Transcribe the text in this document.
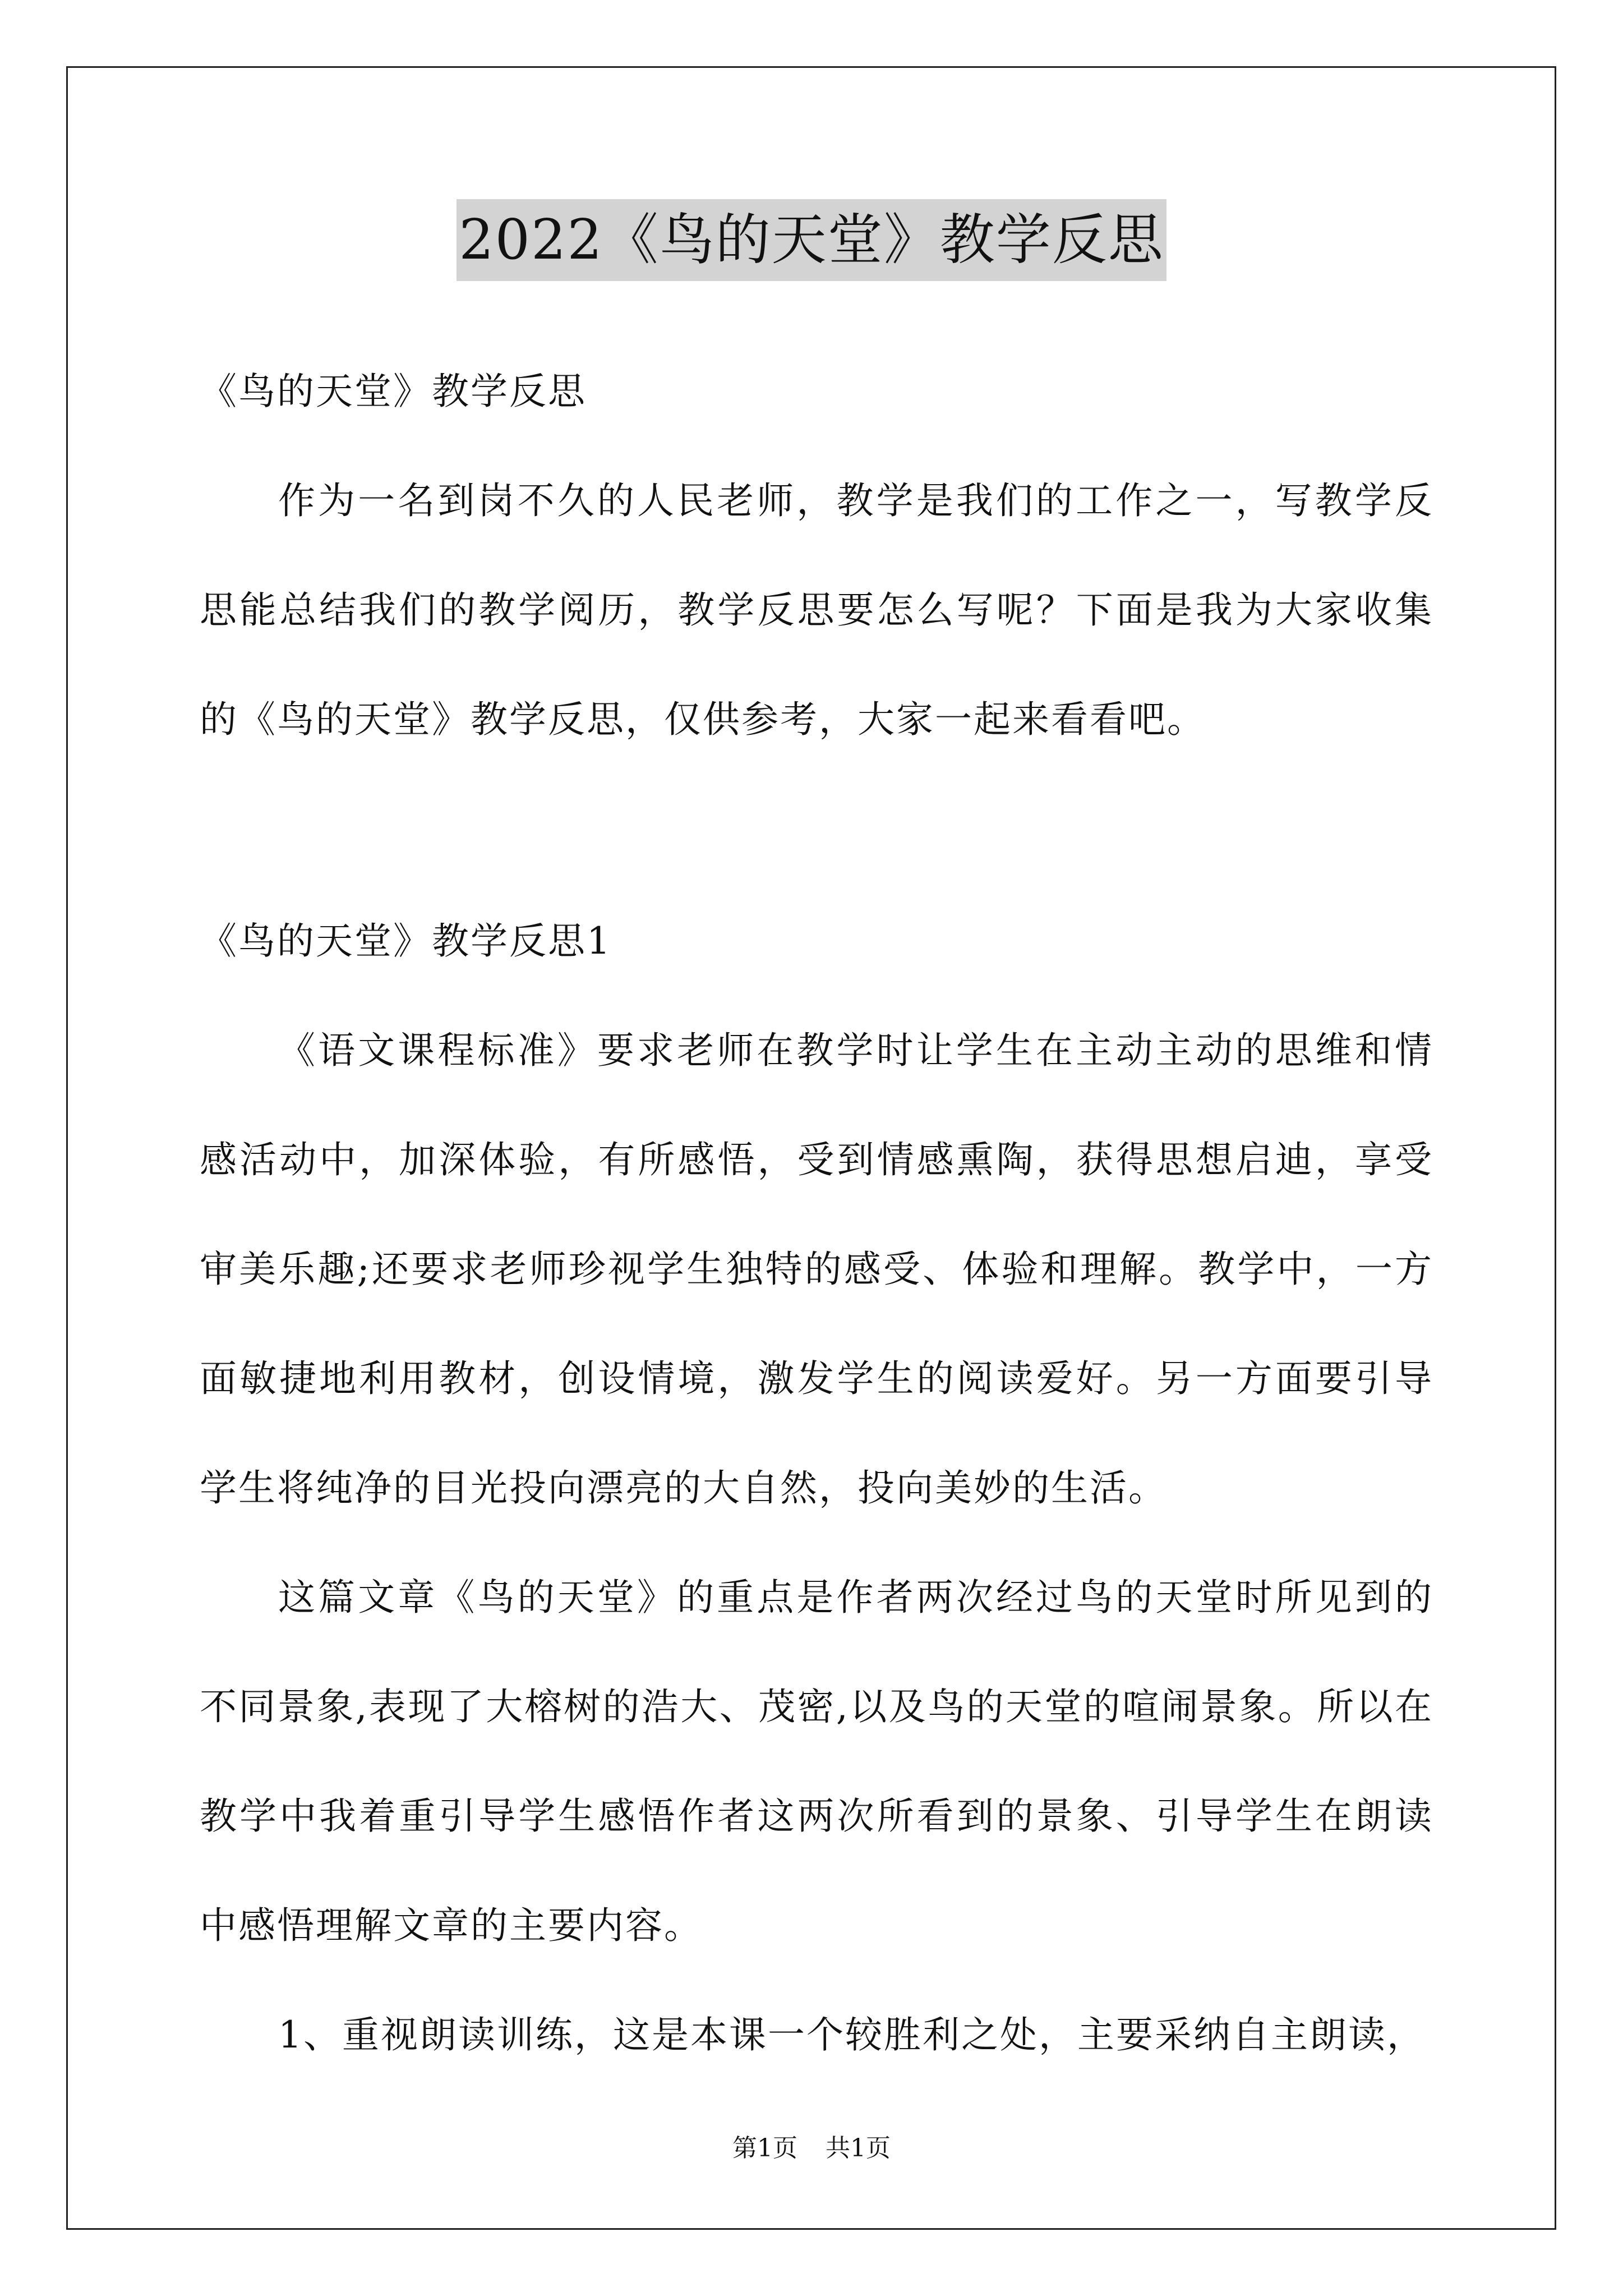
2022《鸟的天堂》教学反思

《鸟的天堂》教学反思

作为一名到岗不久的人民老师，教学是我们的工作之一，写教学反思能总结我们的教学阅历，教学反思要怎么写呢？下面是我为大家收集的《鸟的天堂》教学反思，仅供参考，大家一起来看看吧。

《鸟的天堂》教学反思1

《语文课程标准》要求老师在教学时让学生在主动主动的思维和情感活动中，加深体验，有所感悟，受到情感熏陶，获得思想启迪，享受审美乐趣;还要求老师珍视学生独特的感受、体验和理解。教学中，一方面敏捷地利用教材，创设情境，激发学生的阅读爱好。另一方面要引导学生将纯净的目光投向漂亮的大自然，投向美妙的生活。

这篇文章《鸟的天堂》的重点是作者两次经过鸟的天堂时所见到的不同景象,表现了大榕树的浩大、茂密,以及鸟的天堂的喧闹景象。所以在教学中我着重引导学生感悟作者这两次所看到的景象、引导学生在朗读中感悟理解文章的主要内容。

1、重视朗读训练，这是本课一个较胜利之处，主要采纳自主朗读，

第1页 共1页
